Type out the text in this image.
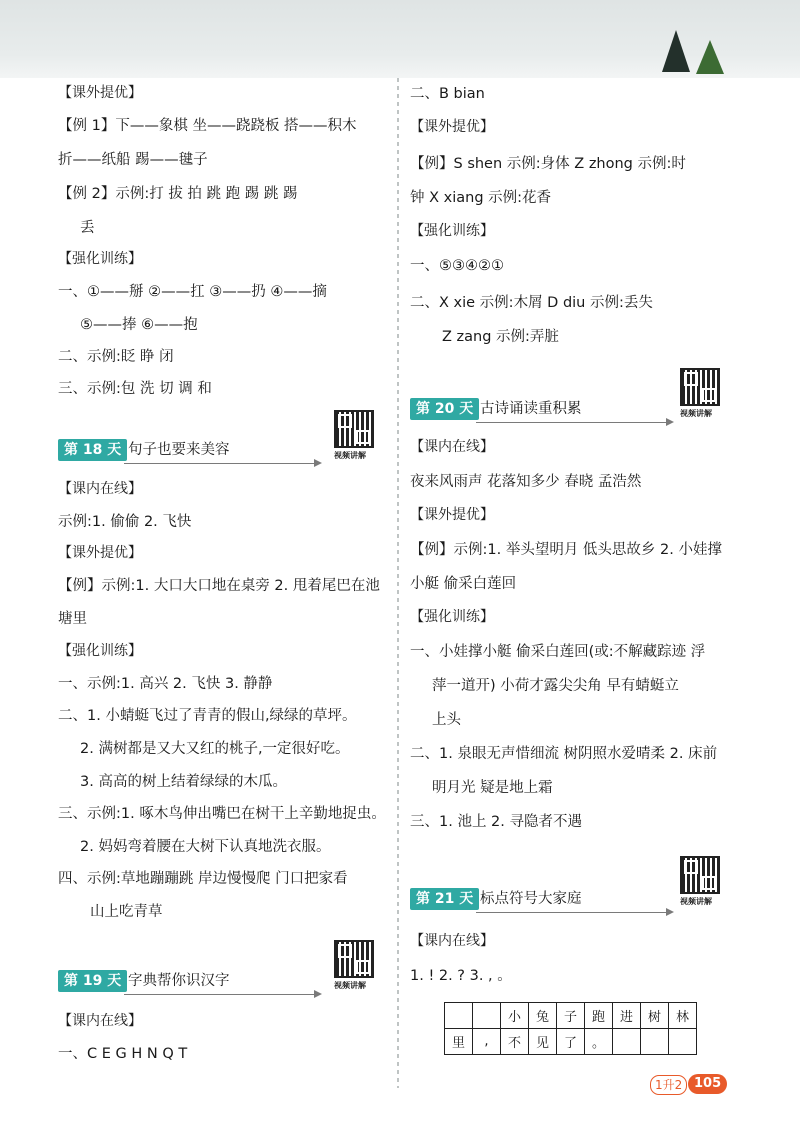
【课外提优】
【例 1】下——象棋 坐——跷跷板 搭——积木
折——纸船 踢——毽子
【例 2】示例:打 拔 拍 跳 跑 踢 跳 踢
丢
【强化训练】
一、①——掰 ②——扛 ③——扔 ④——摘
⑤——捧 ⑥——抱
二、示例:眨 睁 闭
三、示例:包 洗 切 调 和
第 18 天 句子也要来美容	视频讲解
【课内在线】
示例:1. 偷偷 2. 飞快
【课外提优】
【例】示例:1. 大口大口地在桌旁 2. 甩着尾巴在池
塘里
【强化训练】
一、示例:1. 高兴 2. 飞快 3. 静静
二、1. 小蜻蜓飞过了青青的假山,绿绿的草坪。
2. 满树都是又大又红的桃子,一定很好吃。
3. 高高的树上结着绿绿的木瓜。
三、示例:1. 啄木鸟伸出嘴巴在树干上辛勤地捉虫。
2. 妈妈弯着腰在大树下认真地洗衣服。
四、示例:草地蹦蹦跳 岸边慢慢爬 门口把家看
山上吃青草
第 19 天 字典帮你识汉字	视频讲解
【课内在线】
一、C E G H N Q T
二、B bian
【课外提优】
【例】S shen 示例:身体 Z zhong 示例:时
钟 X xiang 示例:花香
【强化训练】
一、⑤③④②①
二、X xie 示例:木屑 D diu 示例:丢失
Z zang 示例:弄脏
第 20 天 古诗诵读重积累	视频讲解
【课内在线】
夜来风雨声 花落知多少 春晓 孟浩然
【课外提优】
【例】示例:1. 举头望明月 低头思故乡 2. 小娃撑
小艇 偷采白莲回
【强化训练】
一、小娃撑小艇 偷采白莲回(或:不解藏踪迹 浮
萍一道开) 小荷才露尖尖角 早有蜻蜓立
上头
二、1. 泉眼无声惜细流 树阴照水爱晴柔 2. 床前
明月光 疑是地上霜
三、1. 池上 2. 寻隐者不遇
第 21 天 标点符号大家庭	视频讲解
【课内在线】
1. ! 2. ? 3. , 。
		小	兔	子	跑	进	树	林
里	,	不	见	了	。			
1升2 105
